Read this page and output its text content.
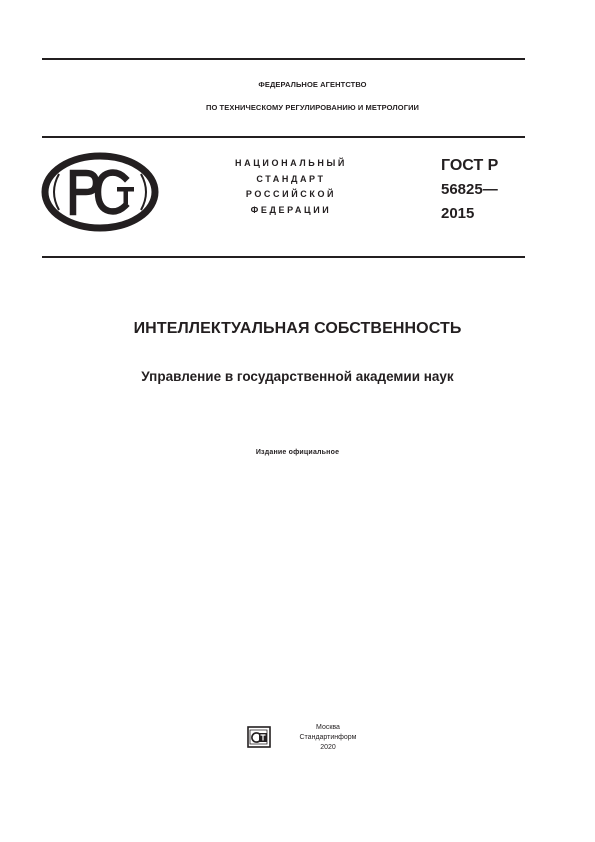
ФЕДЕРАЛЬНОЕ АГЕНТСТВО
ПО ТЕХНИЧЕСКОМУ РЕГУЛИРОВАНИЮ И МЕТРОЛОГИИ
НАЦИОНАЛЬНЫЙ
СТАНДАРТ
РОССИЙСКОЙ
ФЕДЕРАЦИИ
ГОСТ Р
56825—
2015
ИНТЕЛЛЕКТУАЛЬНАЯ СОБСТВЕННОСТЬ
Управление в государственной академии наук
Издание официальное
Москва
Стандартинформ
2020
